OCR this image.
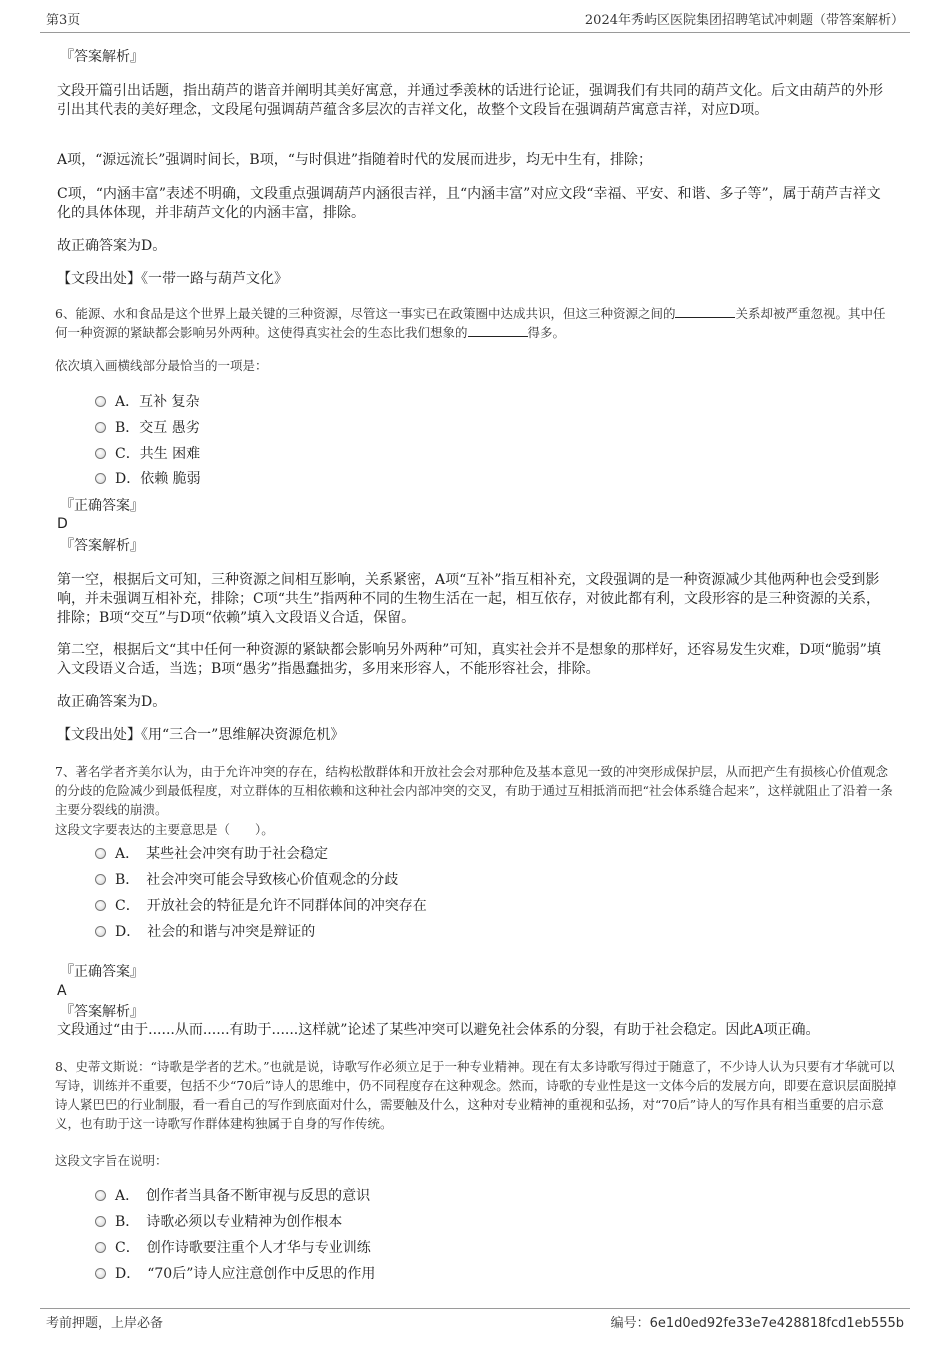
第3页	2024年秀屿区医院集团招聘笔试冲刺题（带答案解析）
『答案解析』
文段开篇引出话题，指出葫芦的谐音并阐明其美好寓意，并通过季羡林的话进行论证，强调我们有共同的葫芦文化。后文由葫芦的外形引出其代表的美好理念，文段尾句强调葫芦蕴含多层次的吉祥文化，故整个文段旨在强调葫芦寓意吉祥，对应D项。
A项，“源远流长”强调时间长，B项，“与时俱进”指随着时代的发展而进步，均无中生有，排除；
C项，“内涵丰富”表述不明确，文段重点强调葫芦内涵很吉祥，且“内涵丰富”对应文段“幸福、平安、和谐、多子等”，属于葫芦吉祥文化的具体体现，并非葫芦文化的内涵丰富，排除。
故正确答案为D。
【文段出处】《一带一路与葫芦文化》
6、能源、水和食品是这个世界上最关键的三种资源，尽管这一事实已在政策圈中达成共识，但这三种资源之间的	关系却被严重忽视。其中任何一种资源的紧缺都会影响另外两种。这使得真实社会的生态比我们想象的	得多。
依次填入画横线部分最恰当的一项是：
A．互补 复杂
B．交互 愚劣
C．共生 困难
D．依赖 脆弱
『正确答案』
D
『答案解析』
第一空，根据后文可知，三种资源之间相互影响，关系紧密，A项“互补”指互相补充，文段强调的是一种资源减少其他两种也会受到影响，并未强调互相补充，排除；C项“共生”指两种不同的生物生活在一起，相互依存，对彼此都有利，文段形容的是三种资源的关系，排除；B项“交互”与D项“依赖”填入文段语义合适，保留。
第二空，根据后文“其中任何一种资源的紧缺都会影响另外两种”可知，真实社会并不是想象的那样好，还容易发生灾难，D项“脆弱”填入文段语义合适，当选；B项“愚劣”指愚蠢拙劣，多用来形容人，不能形容社会，排除。
故正确答案为D。
【文段出处】《用“三合一”思维解决资源危机》
7、著名学者齐美尔认为，由于允许冲突的存在，结构松散群体和开放社会会对那种危及基本意见一致的冲突形成保护层，从而把产生有损核心价值观念的分歧的危险减少到最低程度，对立群体的互相依赖和这种社会内部冲突的交叉，有助于通过互相抵消而把“社会体系缝合起来”，这样就阻止了沿着一条主要分裂线的崩溃。
这段文字要表达的主要意思是（　　）。
A．　某些社会冲突有助于社会稳定
B．　社会冲突可能会导致核心价值观念的分歧
C．　开放社会的特征是允许不同群体间的冲突存在
D．　社会的和谐与冲突是辩证的
『正确答案』
A
『答案解析』
文段通过“由于......从而......有助于......这样就”论述了某些冲突可以避免社会体系的分裂，有助于社会稳定。因此A项正确。
8、史蒂文斯说：“诗歌是学者的艺术。”也就是说，诗歌写作必须立足于一种专业精神。现在有太多诗歌写得过于随意了，不少诗人认为只要有才华就可以写诗，训练并不重要，包括不少“70后”诗人的思维中，仍不同程度存在这种观念。然而，诗歌的专业性是这一文体今后的发展方向，即要在意识层面脱掉诗人紧巴巴的行业制服，看一看自己的写作到底面对什么，需要触及什么，这种对专业精神的重视和弘扬，对“70后”诗人的写作具有相当重要的启示意义，也有助于这一诗歌写作群体建构独属于自身的写作传统。
这段文字旨在说明：
A．　创作者当具备不断审视与反思的意识
B．　诗歌必须以专业精神为创作根本
C．　创作诗歌要注重个人才华与专业训练
D．　“70后”诗人应注意创作中反思的作用
考前押题，上岸必备	编号：6e1d0ed92fe33e7e428818fcd1eb555b
